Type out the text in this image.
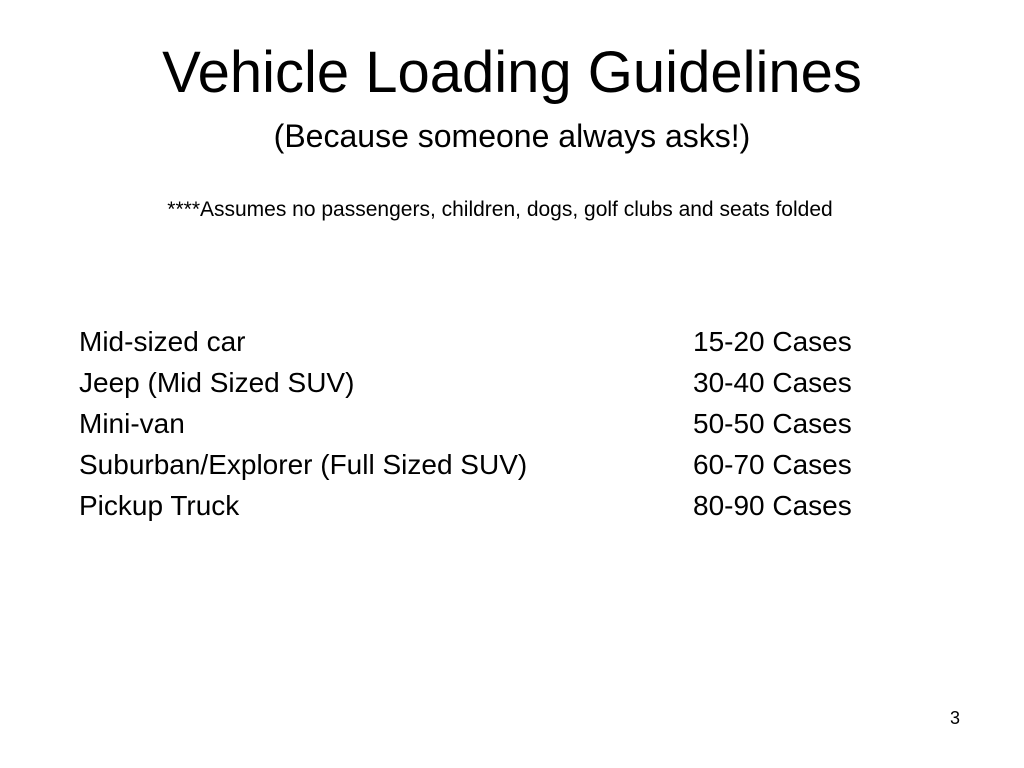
Vehicle Loading Guidelines
(Because someone always asks!)
****Assumes no passengers, children, dogs, golf clubs and seats folded
Mid-sized car	15-20 Cases
Jeep (Mid Sized SUV)	30-40 Cases
Mini-van	50-50 Cases
Suburban/Explorer (Full Sized SUV)	60-70 Cases
Pickup Truck	80-90 Cases
3
